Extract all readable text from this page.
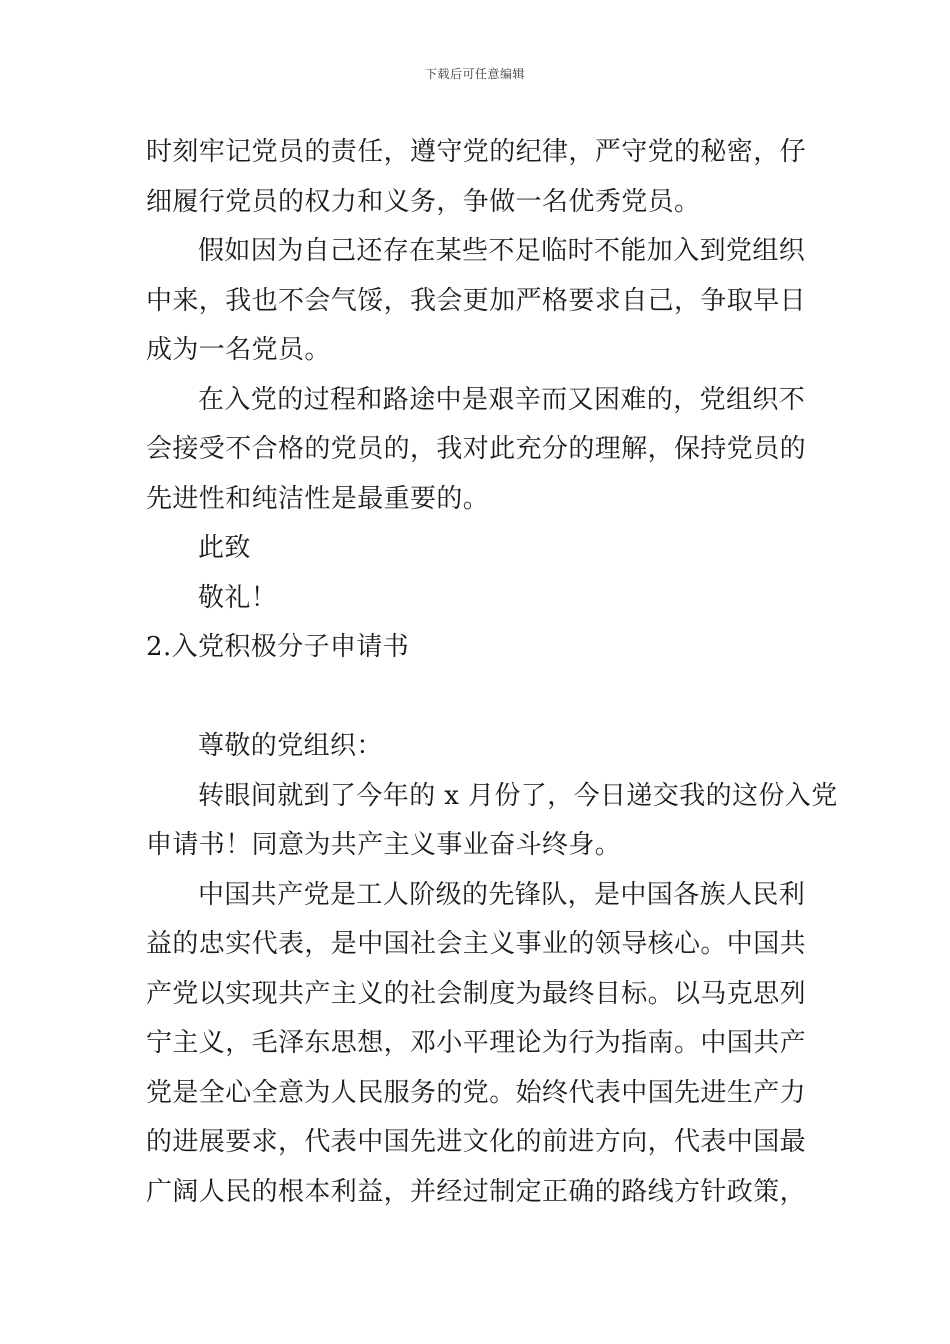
下载后可任意编辑
时刻牢记党员的责任，遵守党的纪律，严守党的秘密，仔
细履行党员的权力和义务，争做一名优秀党员。
假如因为自己还存在某些不足临时不能加入到党组织
中来，我也不会气馁，我会更加严格要求自己，争取早日
成为一名党员。
在入党的过程和路途中是艰辛而又困难的，党组织不
会接受不合格的党员的，我对此充分的理解，保持党员的
先进性和纯洁性是最重要的。
此致
敬礼！
2.入党积极分子申请书
尊敬的党组织：
转眼间就到了今年的 x 月份了，今日递交我的这份入党
申请书！同意为共产主义事业奋斗终身。
中国共产党是工人阶级的先锋队，是中国各族人民利
益的忠实代表，是中国社会主义事业的领导核心。中国共
产党以实现共产主义的社会制度为最终目标。以马克思列
宁主义，毛泽东思想，邓小平理论为行为指南。中国共产
党是全心全意为人民服务的党。始终代表中国先进生产力
的进展要求，代表中国先进文化的前进方向，代表中国最
广阔人民的根本利益，并经过制定正确的路线方针政策，
